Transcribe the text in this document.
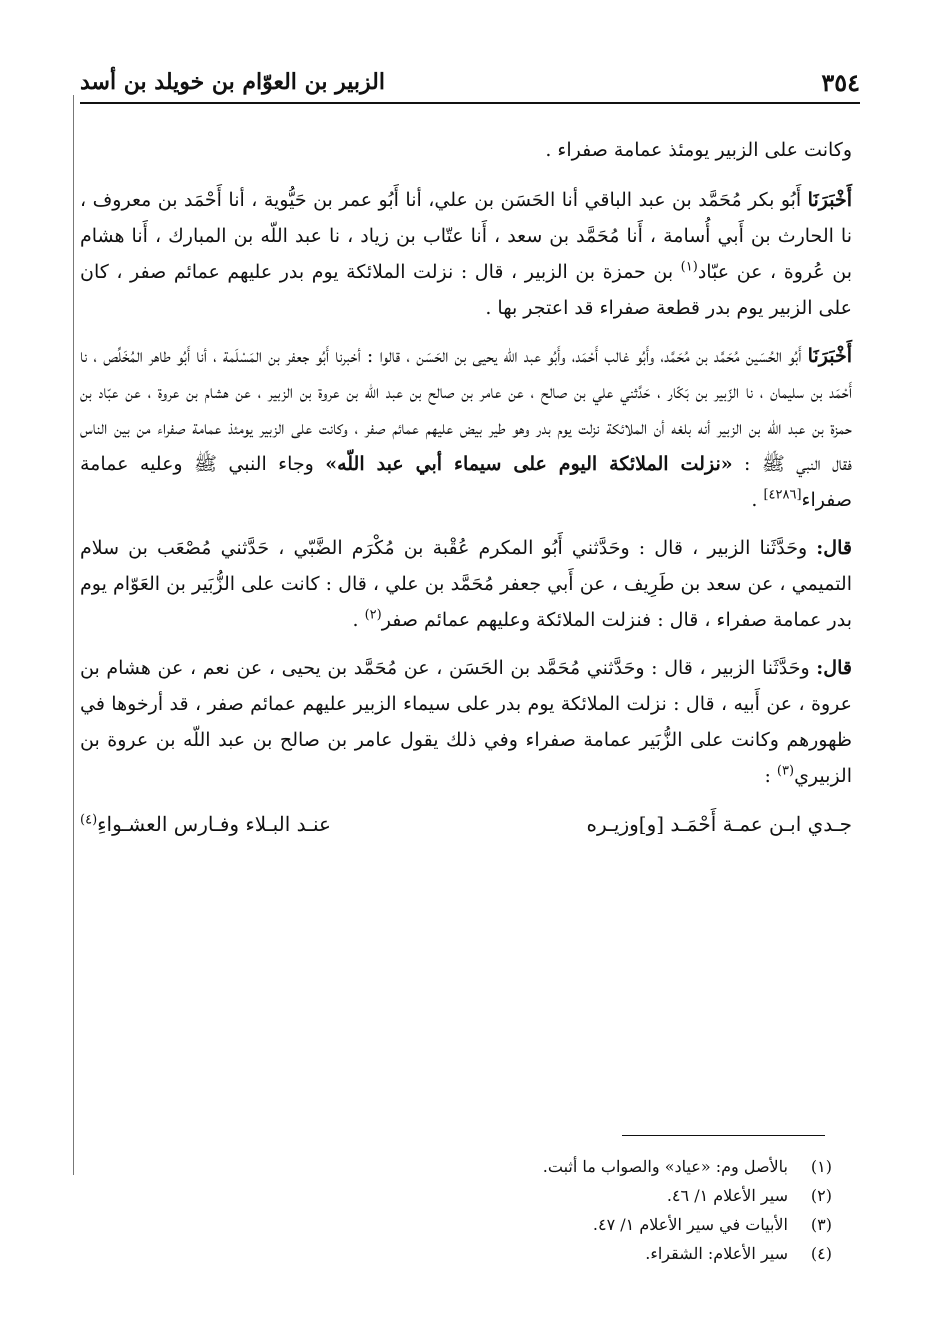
٣٥٤
الزبير بن العوّام بن خويلد بن أسد

وكانت على الزبير يومئذ عمامة صفراء .

أَخْبَرَنَا أَبُو بكر مُحَمَّد بن عبد الباقي أنا الحَسَن بن علي، أنا أَبُو عمر بن حَيُّوية ، أنا أَحْمَد بن معروف ، نا الحارث بن أَبي أُسامة ، أَنا مُحَمَّد بن سعد ، أَنا عتّاب بن زياد ، نا عبد اللّه بن المبارك ، أَنا هشام بن عُروة ، عن عبّاد$^{(١)}$ بن حمزة بن الزبير ، قال : نزلت الملائكة يوم بدر عليهم عمائم صفر ، كان على الزبير يوم بدر قطعة صفراء قد اعتجر بها .

أَخْبَرَنَا أَبُو الحُسَين مُحَمَّد بن مُحَمَّد، وأَبُو غالب أَحْمَد، وأَبُو عبد اللّه يحيى بن الحَسَن ، قالوا : أخبرنا أَبُو جعفر بن المَسْلَمة ، أنا أَبُو طاهر المُخَلِّص ، نا أَحْمَد بن سليمان ، نا الزّبير بن بَكّار ، حَدَّثني علي بن صالح ، عن عامر بن صالح بن عبد اللّه بن عروة بن الزبير ، عن هشام بن عروة ، عن عبّاد بن حمزة بن عبد اللّه بن الزبير أنه بلغه أن الملائكة نزلت يوم بدر وهو طير بيض عليهم عمائم صفر ، وكانت على الزبير يومئذ عمامة صفراء من بين الناس فقال النبي ﷺ : «نزلت الملائكة اليوم على سيماء أبي عبد اللّه» وجاء النبي ﷺ وعليه عمامة صفراء[٤٢٨٦] .

قال: وحَدَّثَنا الزبير ، قال : وحَدَّثني أَبُو المكرم عُقْبة بن مُكْرَم الضَّبّي ، حَدَّثني مُصْعَب بن سلام التميمي ، عن سعد بن طَرِيف ، عن أَبي جعفر مُحَمَّد بن علي ، قال : كانت على الزُّبَير بن العَوّام يوم بدر عمامة صفراء ، قال : فنزلت الملائكة وعليهم عمائم صفر$^{(٢)}$ .

قال: وحَدَّثَنا الزبير ، قال : وحَدَّثني مُحَمَّد بن الحَسَن ، عن مُحَمَّد بن يحيى ، عن نعم ، عن هشام بن عروة ، عن أَبيه ، قال : نزلت الملائكة يوم بدر على سيماء الزبير عليهم عمائم صفر ، قد أرخوها في ظهورهم وكانت على الزُّبَير عمامة صفراء وفي ذلك يقول عامر بن صالح بن عبد اللّه بن عروة بن الزبيري$^{(٣)}$ :

جـدي ابـن عمـة أَحْمَـد [و]وزيـره
عنـد البـلاء وفـارس العشـواءِ$^{(٤)}$
(١)
بالأصل وم: «عياد» والصواب ما أثبت.
(٢)
سير الأعلام ١/ ٤٦.
(٣)
الأبيات في سير الأعلام ١/ ٤٧.
(٤)
سير الأعلام: الشقراء.
